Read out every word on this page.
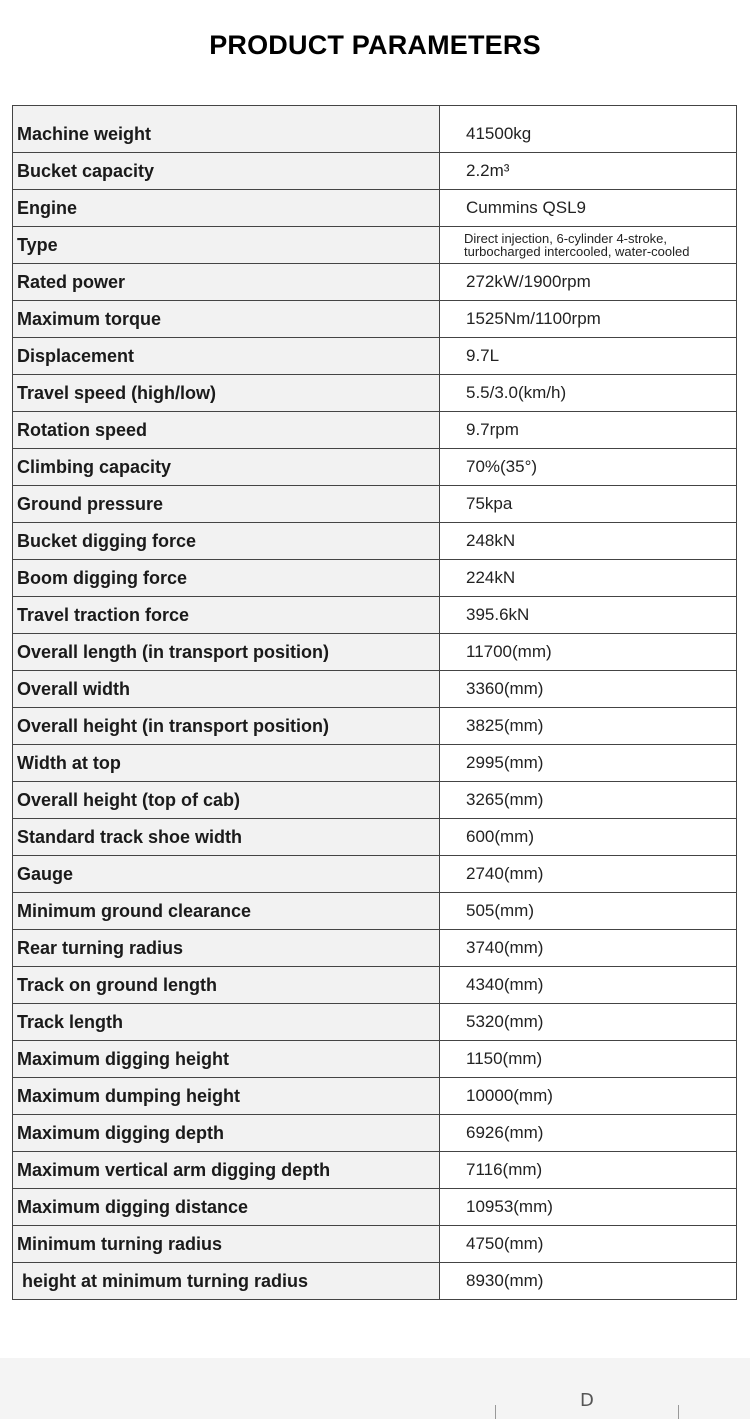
PRODUCT PARAMETERS
Machine weight	41500kg
Bucket capacity	2.2m³
Engine	Cummins QSL9
Type	Direct injection, 6-cylinder 4-stroke, turbocharged intercooled, water-cooled
Rated power	272kW/1900rpm
Maximum torque	1525Nm/1100rpm
Displacement	9.7L
Travel speed (high/low)	5.5/3.0(km/h)
Rotation speed	9.7rpm
Climbing capacity	70%(35°)
Ground pressure	75kpa
Bucket digging force	248kN
Boom digging force	224kN
Travel traction force	395.6kN
Overall length (in transport position)	11700(mm)
Overall width	3360(mm)
Overall height (in transport position)	3825(mm)
Width at top	2995(mm)
Overall height (top of cab)	3265(mm)
Standard track shoe width	600(mm)
Gauge	2740(mm)
Minimum ground clearance	505(mm)
Rear turning radius	3740(mm)
Track on ground length	4340(mm)
Track length	5320(mm)
Maximum digging height	1150(mm)
Maximum dumping height	10000(mm)
Maximum digging depth	6926(mm)
Maximum vertical arm digging depth	7116(mm)
Maximum digging distance	10953(mm)
Minimum turning radius	4750(mm)
height at minimum turning radius	8930(mm)
D
